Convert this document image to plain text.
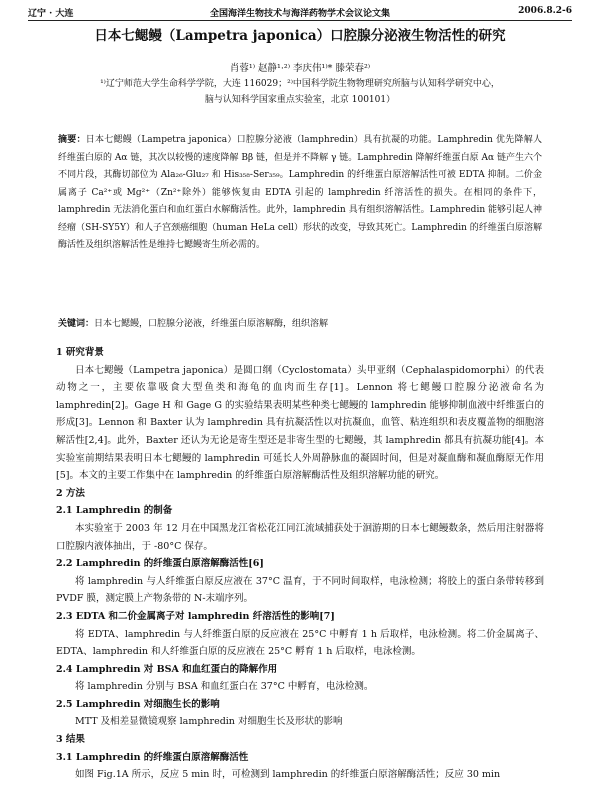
辽宁 · 大连	全国海洋生物技术与海洋药物学术会议论文集	2006.8.2-6
日本七鳃鳗（Lampetra japonica）口腔腺分泌液生物活性的研究
肖蓉¹⁾ 赵静¹·²⁾ 李庆伟¹⁾* 滕荣春²⁾
¹⁾辽宁师范大学生命科学学院，大连 116029；²⁾中国科学院生物物理研究所脑与认知科学研究中心，
脑与认知科学国家重点实验室，北京 100101）
摘要：日本七鳃鳗（Lampetra japonica）口腔腺分泌液（lamphredin）具有抗凝的功能。Lamphredin 优先降解人纤维蛋白原的 Aα 链，其次以较慢的速度降解 Bβ 链，但是并不降解 γ 链。Lamphredin 降解纤维蛋白原 Aα 链产生六个不同片段，其酶切部位为 Ala₂₆-Glu₂₇ 和 His₃₅₈-Ser₃₅₉。Lamphredin 的纤维蛋白原溶解活性可被 EDTA 抑制。二价金属离子 Ca²⁺或 Mg²⁺（Zn²⁺除外）能够恢复由 EDTA 引起的 lamphredin 纤溶活性的损失。在相同的条件下，lamphredin 无法消化蛋白和血红蛋白水解酶活性。此外，lamphredin 具有组织溶解活性。Lamphredin 能够引起人神经瘤（SH-SY5Y）和人子宫颈癌细胞（human HeLa cell）形状的改变，导致其死亡。Lamphredin 的纤维蛋白原溶解酶活性及组织溶解活性是维持七鳃鳗寄生所必需的。
关键词：日本七鳃鳗，口腔腺分泌液，纤维蛋白原溶解酶，组织溶解
1 研究背景

日本七鳃鳗（Lampetra japonica）是圆口纲（Cyclostomata）头甲亚纲（Cephalaspidomorphi）的代表动物之一，主要依靠吸食大型鱼类和海龟的血肉而生存[1]。Lennon 将七鳃鳗口腔腺分泌液命名为 lamphredin[2]。Gage H 和 Gage G 的实验结果表明某些种类七鳃鳗的 lamphredin 能够抑制血液中纤维蛋白的形成[3]。Lennon 和 Baxter 认为 lamphredin 具有抗凝活性以对抗凝血，血管、粘连组织和表皮覆盖物的细胞溶解活性[2,4]。此外，Baxter 还认为无论是寄生型还是非寄生型的七鳃鳗，其 lamphredin 都具有抗凝功能[4]。本实验室前期结果表明日本七鳃鳗的 lamphredin 可延长人外周静脉血的凝固时间，但是对凝血酶和凝血酶原无作用[5]。本文的主要工作集中在 lamphredin 的纤维蛋白原溶解酶活性及组织溶解功能的研究。

2 方法
2.1 Lamphredin 的制备

本实验室于 2003 年 12 月在中国黑龙江省松花江同江流域捕获处于洄游期的日本七鳃鳗数条，然后用注射器将口腔腺内液体抽出，于 -80°C 保存。

2.2 Lamphredin 的纤维蛋白原溶解酶活性[6]

将 lamphredin 与人纤维蛋白原反应液在 37°C 温育，于不同时间取样，电泳检测；将胶上的蛋白条带转移到 PVDF 膜，测定膜上产物条带的 N-末端序列。

2.3 EDTA 和二价金属离子对 lamphredin 纤溶活性的影响[7]

将 EDTA、lamphredin 与人纤维蛋白原的反应液在 25°C 中孵育 1 h 后取样，电泳检测。将二价金属离子、EDTA、lamphredin 和人纤维蛋白原的反应液在 25°C 孵育 1 h 后取样，电泳检测。

2.4 Lamphredin 对 BSA 和血红蛋白的降解作用

将 lamphredin 分别与 BSA 和血红蛋白在 37°C 中孵育，电泳检测。

2.5 Lamphredin 对细胞生长的影响

MTT 及相差显微镜观察 lamphredin 对细胞生长及形状的影响

3 结果
3.1 Lamphredin 的纤维蛋白原溶解酶活性

如图 Fig.1A 所示，反应 5 min 时，可检测到 lamphredin 的纤维蛋白原溶解酶活性；反应 30 min
